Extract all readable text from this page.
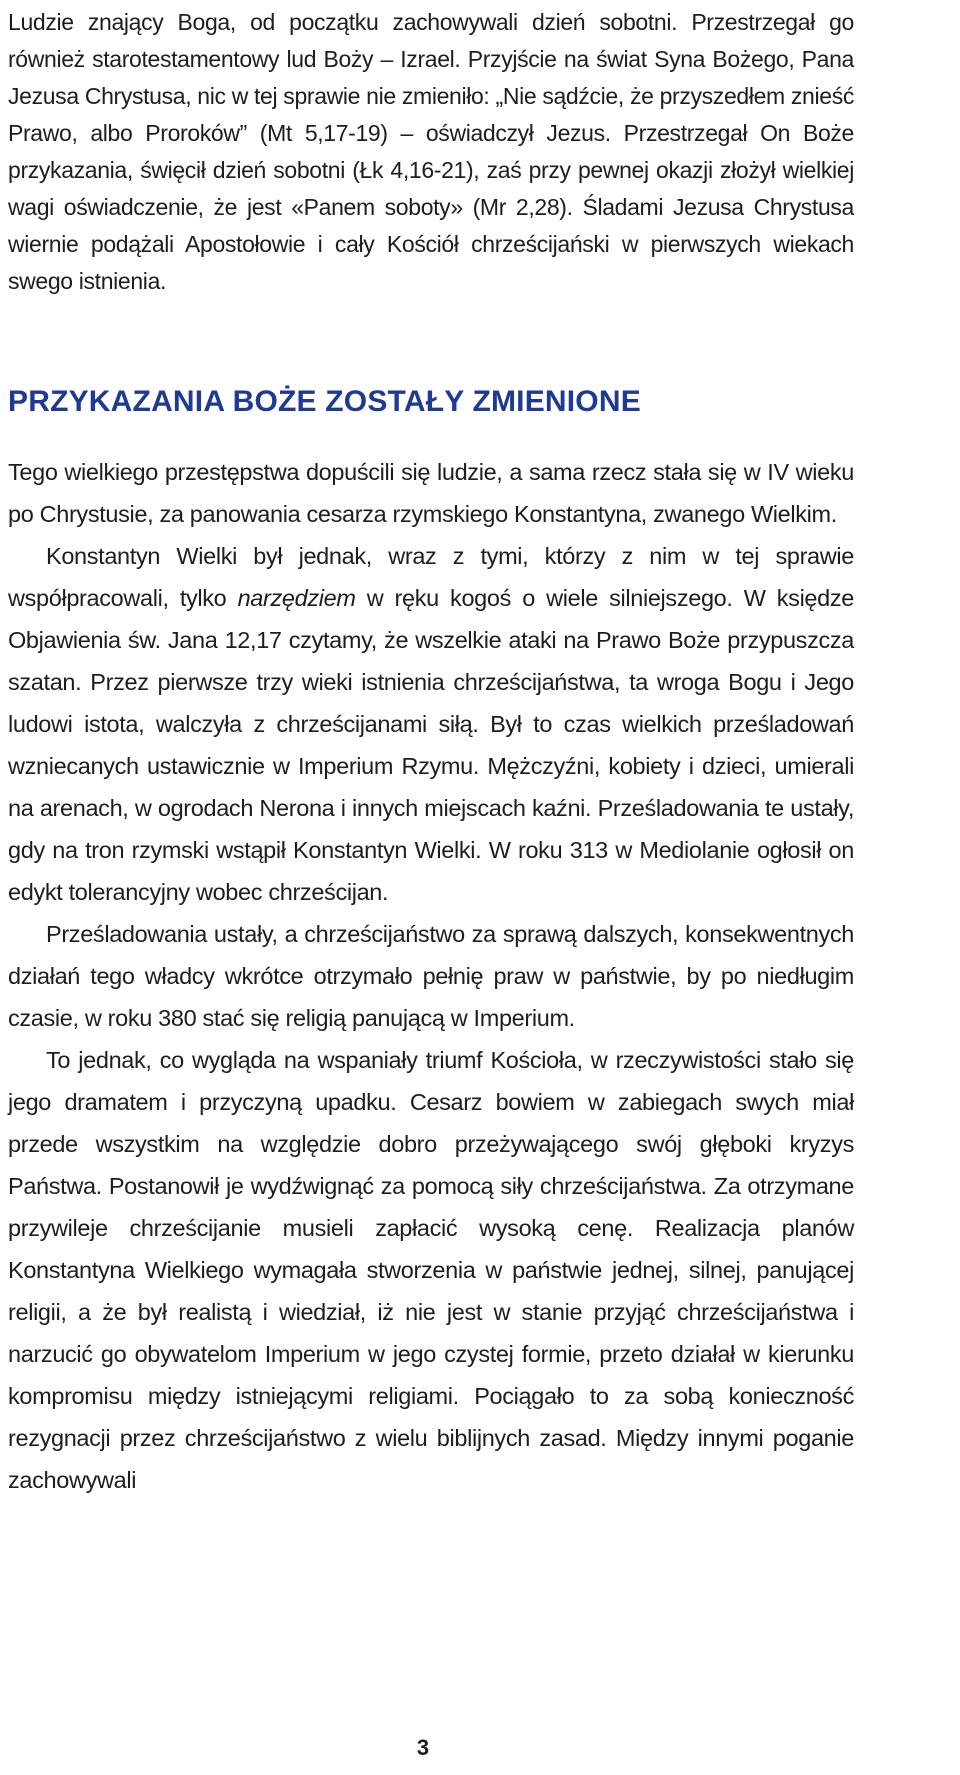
Ludzie znający Boga, od początku zachowywali dzień sobotni. Przestrzegał go również starotestamentowy lud Boży – Izrael. Przyjście na świat Syna Bożego, Pana Jezusa Chrystusa, nic w tej sprawie nie zmieniło: „Nie sądźcie, że przyszedłem znieść Prawo, albo Proroków” (Mt 5,17-19) – oświadczył Jezus. Przestrzegał On Boże przykazania, święcił dzień sobotni (Łk 4,16-21), zaś przy pewnej okazji złożył wielkiej wagi oświadczenie, że jest «Panem soboty» (Mr 2,28). Śladami Jezusa Chrystusa wiernie podążali Apostołowie i cały Kościół chrześcijański w pierwszych wiekach swego istnienia.

PRZYKAZANIA BOŻE ZOSTAŁY ZMIENIONE

Tego wielkiego przestępstwa dopuścili się ludzie, a sama rzecz stała się w IV wieku po Chrystusie, za panowania cesarza rzymskiego Konstantyna, zwanego Wielkim.

Konstantyn Wielki był jednak, wraz z tymi, którzy z nim w tej sprawie współpracowali, tylko narzędziem w ręku kogoś o wiele silniejszego. W księdze Objawienia św. Jana 12,17 czytamy, że wszelkie ataki na Prawo Boże przypuszcza szatan. Przez pierwsze trzy wieki istnienia chrześcijaństwa, ta wroga Bogu i Jego ludowi istota, walczyła z chrześcijanami siłą. Był to czas wielkich prześladowań wzniecanych ustawicznie w Imperium Rzymu. Mężczyźni, kobiety i dzieci, umierali na arenach, w ogrodach Nerona i innych miejscach kaźni. Prześladowania te ustały, gdy na tron rzymski wstąpił Konstantyn Wielki. W roku 313 w Mediolanie ogłosił on edykt tolerancyjny wobec chrześcijan.

Prześladowania ustały, a chrześcijaństwo za sprawą dalszych, konsekwentnych działań tego władcy wkrótce otrzymało pełnię praw w państwie, by po niedługim czasie, w roku 380 stać się religią panującą w Imperium.

To jednak, co wygląda na wspaniały triumf Kościoła, w rzeczywistości stało się jego dramatem i przyczyną upadku. Cesarz bowiem w zabiegach swych miał przede wszystkim na względzie dobro przeżywającego swój głęboki kryzys Państwa. Postanowił je wydźwignąć za pomocą siły chrześcijaństwa. Za otrzymane przywileje chrześcijanie musieli zapłacić wysoką cenę. Realizacja planów Konstantyna Wielkiego wymagała stworzenia w państwie jednej, silnej, panującej religii, a że był realistą i wiedział, iż nie jest w stanie przyjąć chrześcijaństwa i narzucić go obywatelom Imperium w jego czystej formie, przeto działał w kierunku kompromisu między istniejącymi religiami. Pociągało to za sobą konieczność rezygnacji przez chrześcijaństwo z wielu biblijnych zasad. Między innymi poganie zachowywali

3
